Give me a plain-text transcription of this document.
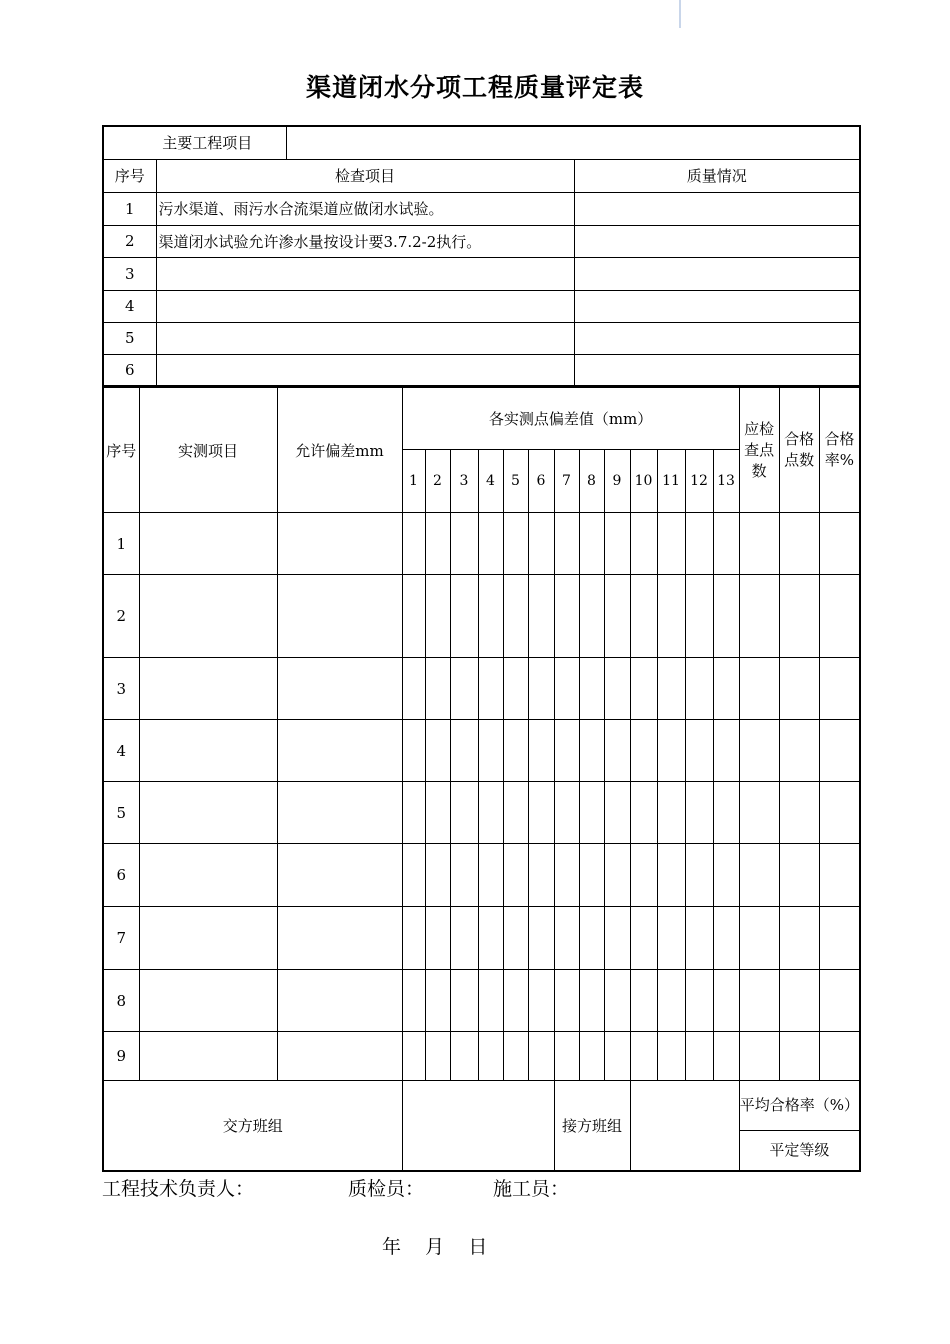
渠道闭水分项工程质量评定表
主要工程项目			
序号	检查项目		质量情况
1	污水渠道、雨污水合流渠道应做闭水试验。		
2	渠道闭水试验允许渗水量按设计要3.7.2-2执行。		
3			
4			
5			
6			
序号	实测项目	允许偏差mm	各实测点偏差值（mm）													应检查点数	合格点数	合格率%
			1	2	3	4	5	6	7	8	9	10	11	12	13			
1																		
2																		
3																		
4																		
5																		
6																		
7																		
8																		
9																		
交方班组									接方班组							平均合格率（%）
平定等级		
工程技术负责人：	质检员：	施工员：
年    月    日
